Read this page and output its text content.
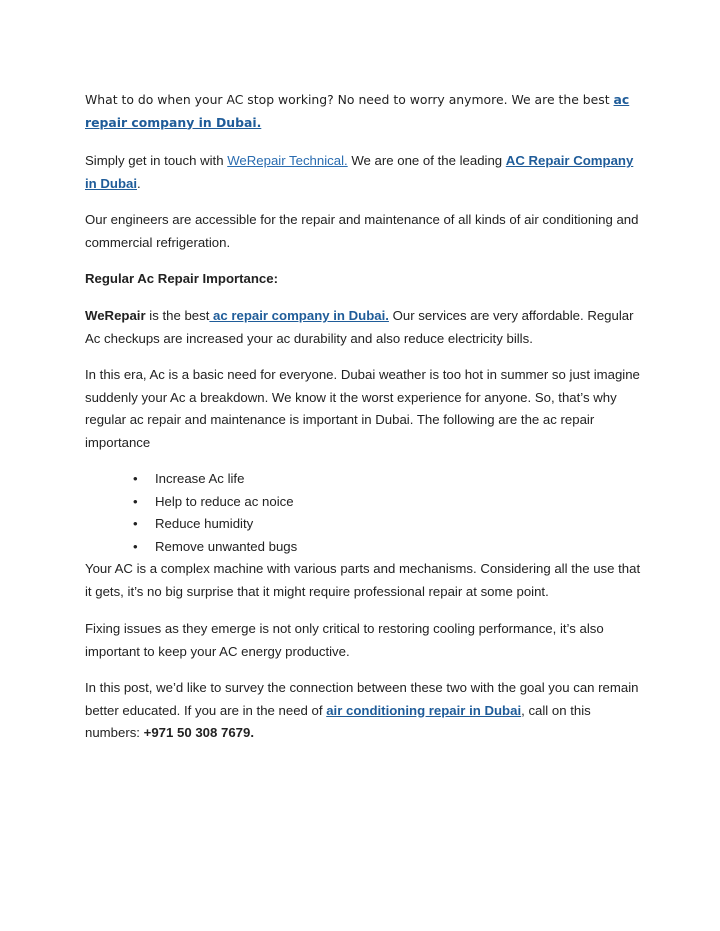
What to do when your AC stop working? No need to worry anymore. We are the best ac repair company in Dubai.

Simply get in touch with WeRepair Technical. We are one of the leading AC Repair Company in Dubai.

Our engineers are accessible for the repair and maintenance of all kinds of air conditioning and commercial refrigeration.

Regular Ac Repair Importance:

WeRepair is the best ac repair company in Dubai. Our services are very affordable. Regular Ac checkups are increased your ac durability and also reduce electricity bills.

In this era, Ac is a basic need for everyone. Dubai weather is too hot in summer so just imagine suddenly your Ac a breakdown. We know it the worst experience for anyone. So, that’s why regular ac repair and maintenance is important in Dubai. The following are the ac repair importance

• Increase Ac life
• Help to reduce ac noice
• Reduce humidity
• Remove unwanted bugs

Your AC is a complex machine with various parts and mechanisms. Considering all the use that it gets, it’s no big surprise that it might require professional repair at some point.

Fixing issues as they emerge is not only critical to restoring cooling performance, it’s also important to keep your AC energy productive.

In this post, we’d like to survey the connection between these two with the goal you can remain better educated. If you are in the need of air conditioning repair in Dubai, call on this numbers: +971 50 308 7679.
